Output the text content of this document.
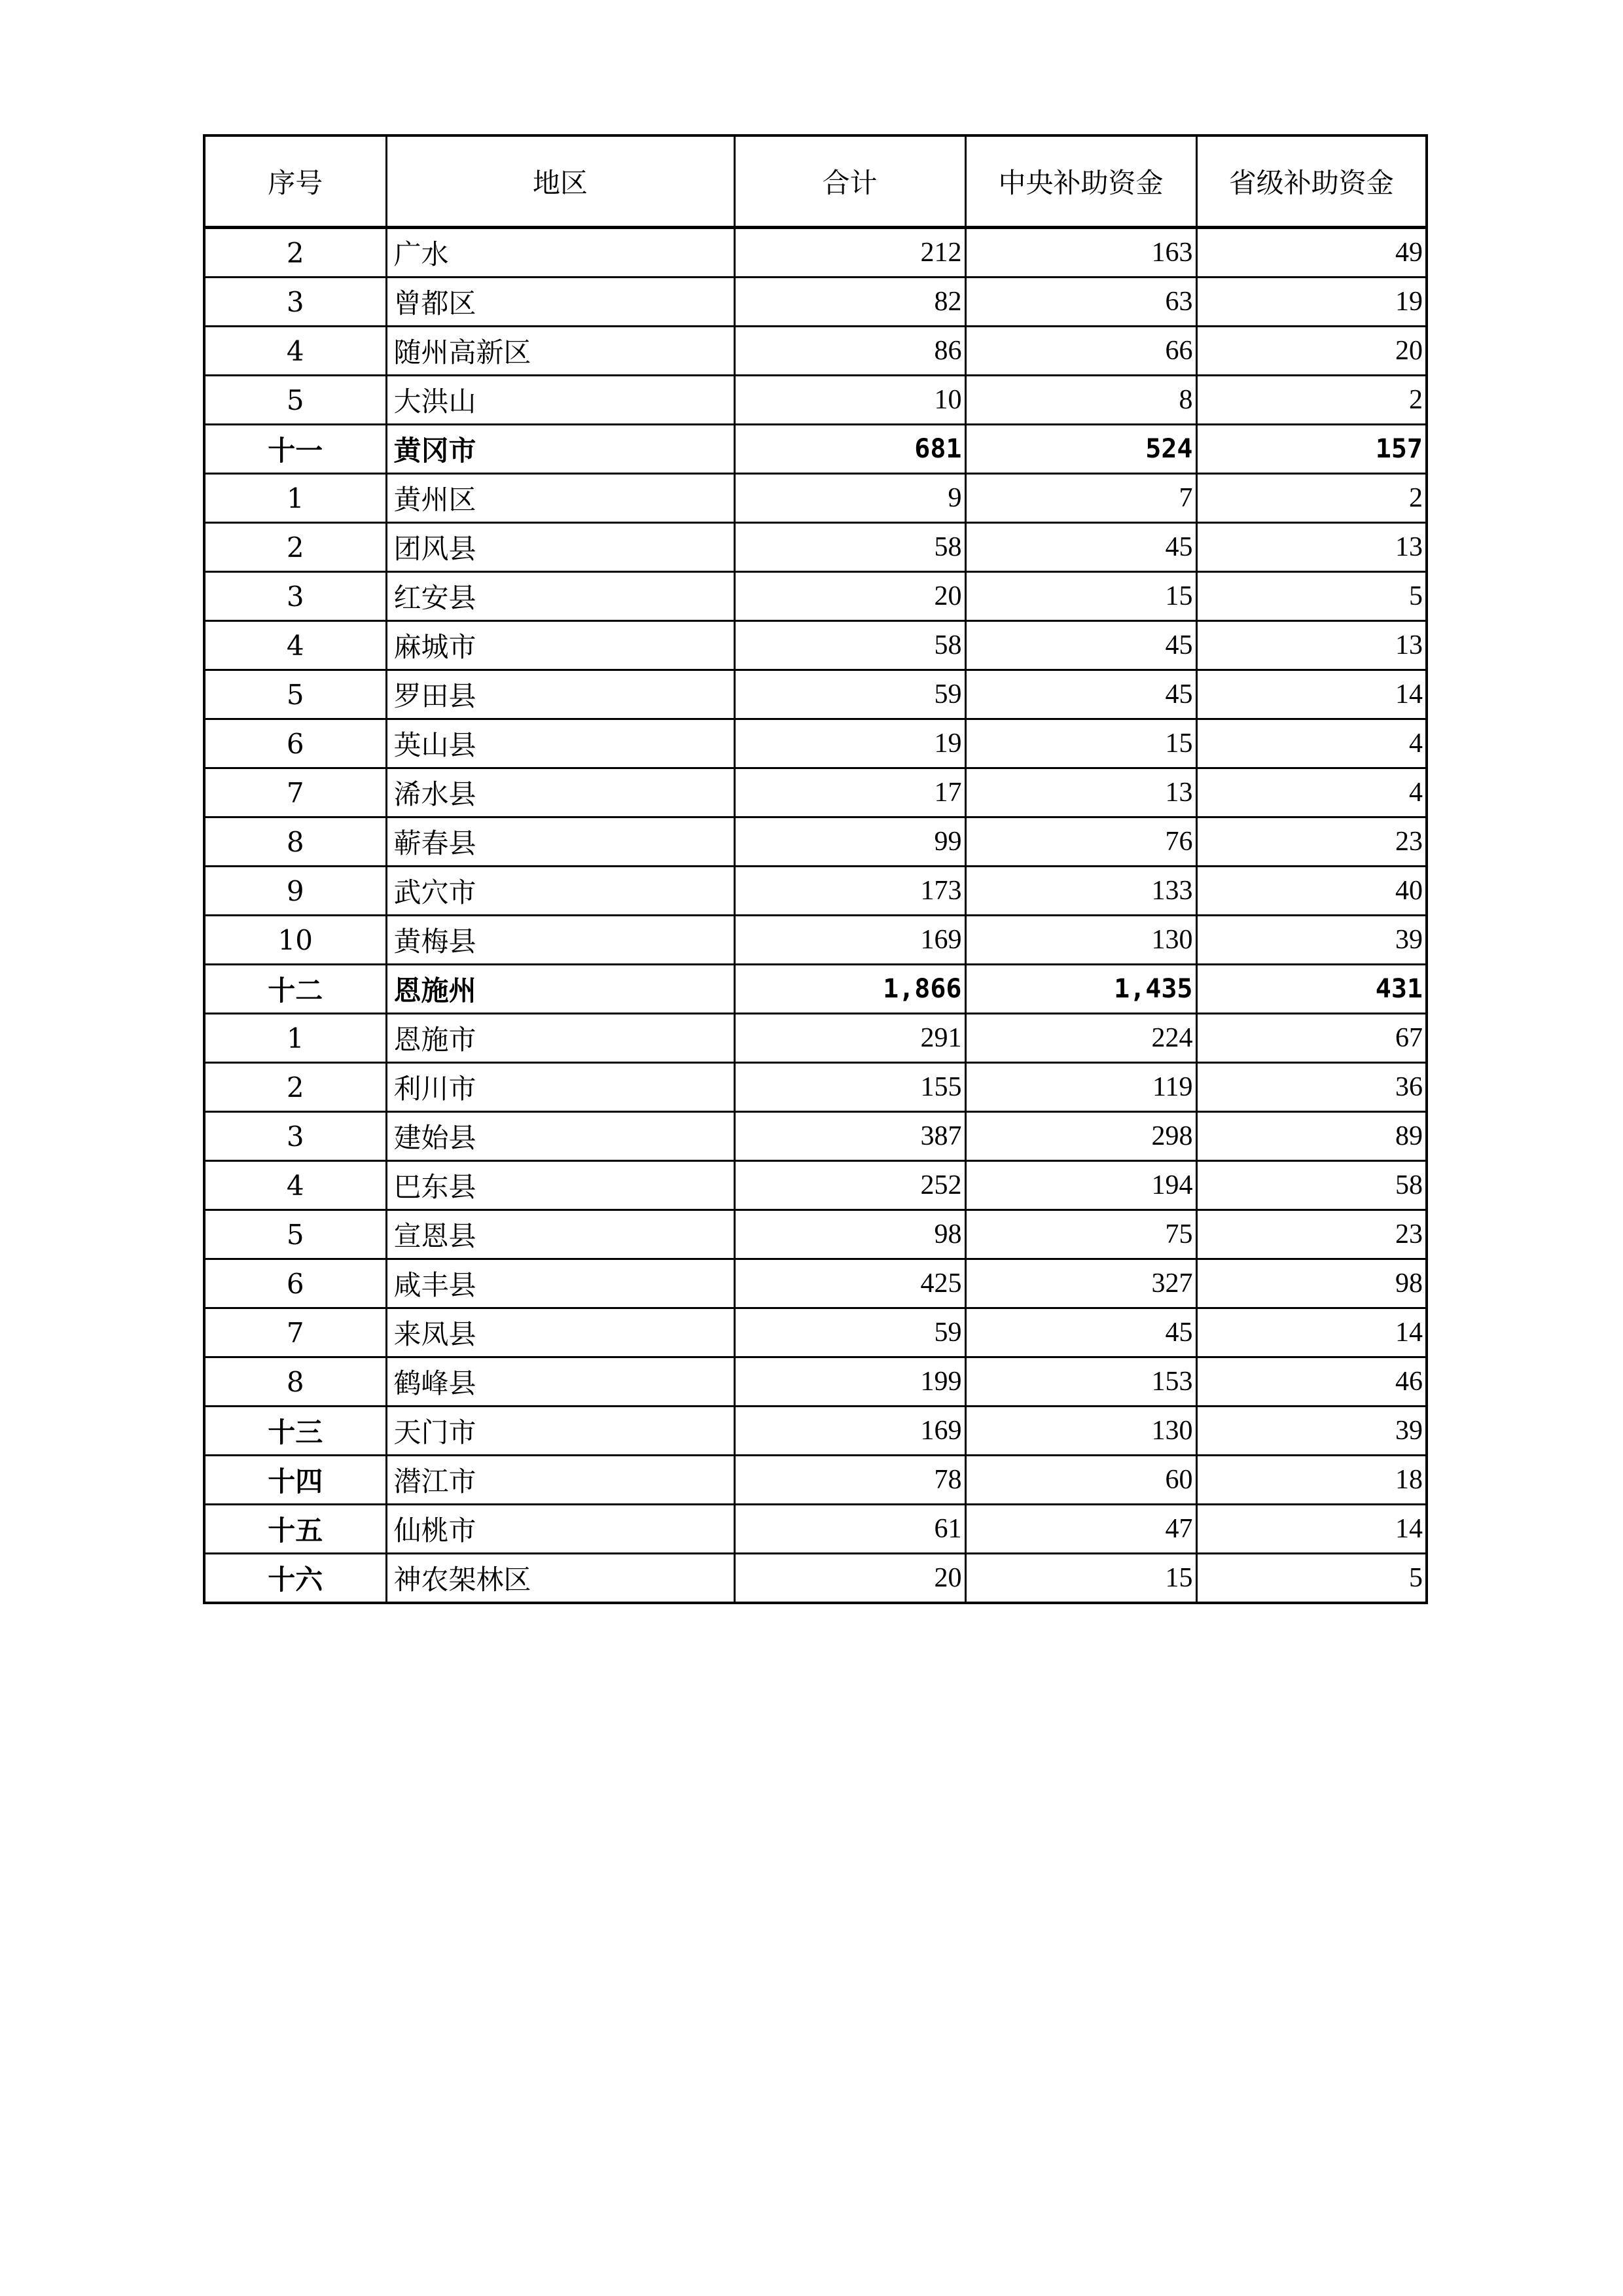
序号	地区	合计	中央补助资金	省级补助资金
2	广水	212	163	49
3	曾都区	82	63	19
4	随州高新区	86	66	20
5	大洪山	10	8	2
十一	黄冈市	681	524	157
1	黄州区	9	7	2
2	团风县	58	45	13
3	红安县	20	15	5
4	麻城市	58	45	13
5	罗田县	59	45	14
6	英山县	19	15	4
7	浠水县	17	13	4
8	蕲春县	99	76	23
9	武穴市	173	133	40
10	黄梅县	169	130	39
十二	恩施州	1,866	1,435	431
1	恩施市	291	224	67
2	利川市	155	119	36
3	建始县	387	298	89
4	巴东县	252	194	58
5	宣恩县	98	75	23
6	咸丰县	425	327	98
7	来凤县	59	45	14
8	鹤峰县	199	153	46
十三	天门市	169	130	39
十四	潜江市	78	60	18
十五	仙桃市	61	47	14
十六	神农架林区	20	15	5
